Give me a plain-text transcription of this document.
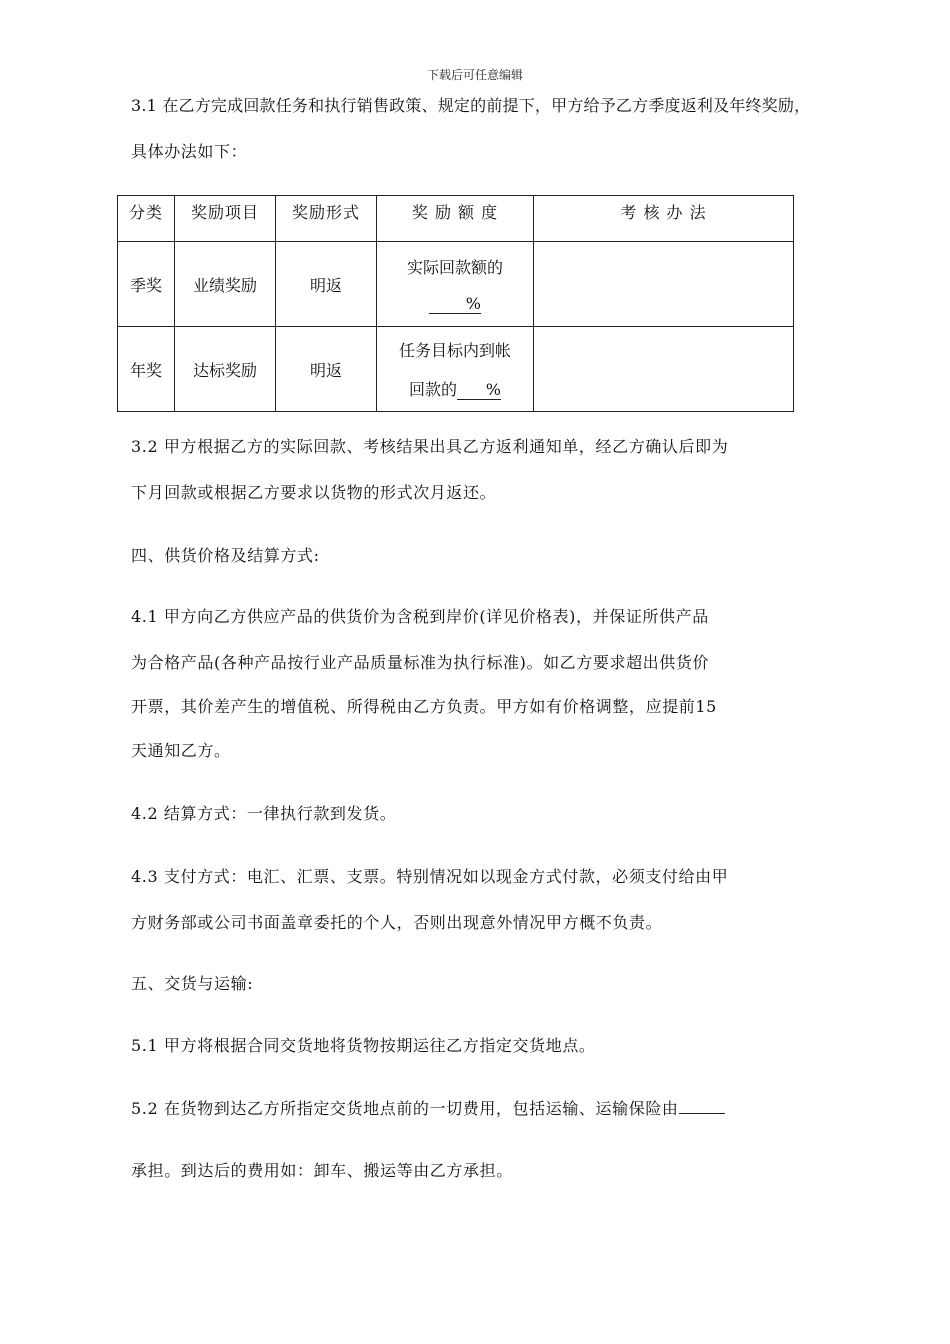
下载后可任意编辑
3.1 在乙方完成回款任务和执行销售政策、规定的前提下，甲方给予乙方季度返利及年终奖励，
具体办法如下：
分类	奖励项目	奖励形式	奖 励 额 度	考 核 办 法
季奖	业绩奖励	明返	实际回款额的
%	

年奖	达标奖励	明返	任务目标内到帐
回款的 %	

3.2 甲方根据乙方的实际回款、考核结果出具乙方返利通知单，经乙方确认后即为
下月回款或根据乙方要求以货物的形式次月返还。
四、供货价格及结算方式:
4.1 甲方向乙方供应产品的供货价为含税到岸价(详见价格表)，并保证所供产品
为合格产品(各种产品按行业产品质量标准为执行标准)。如乙方要求超出供货价
开票，其价差产生的增值税、所得税由乙方负责。甲方如有价格调整，应提前15
天通知乙方。
4.2 结算方式：一律执行款到发货。
4.3 支付方式：电汇、汇票、支票。特别情况如以现金方式付款，必须支付给由甲
方财务部或公司书面盖章委托的个人，否则出现意外情况甲方概不负责。
五、交货与运输:
5.1 甲方将根据合同交货地将货物按期运往乙方指定交货地点。
5.2 在货物到达乙方所指定交货地点前的一切费用，包括运输、运输保险由
承担。到达后的费用如：卸车、搬运等由乙方承担。
